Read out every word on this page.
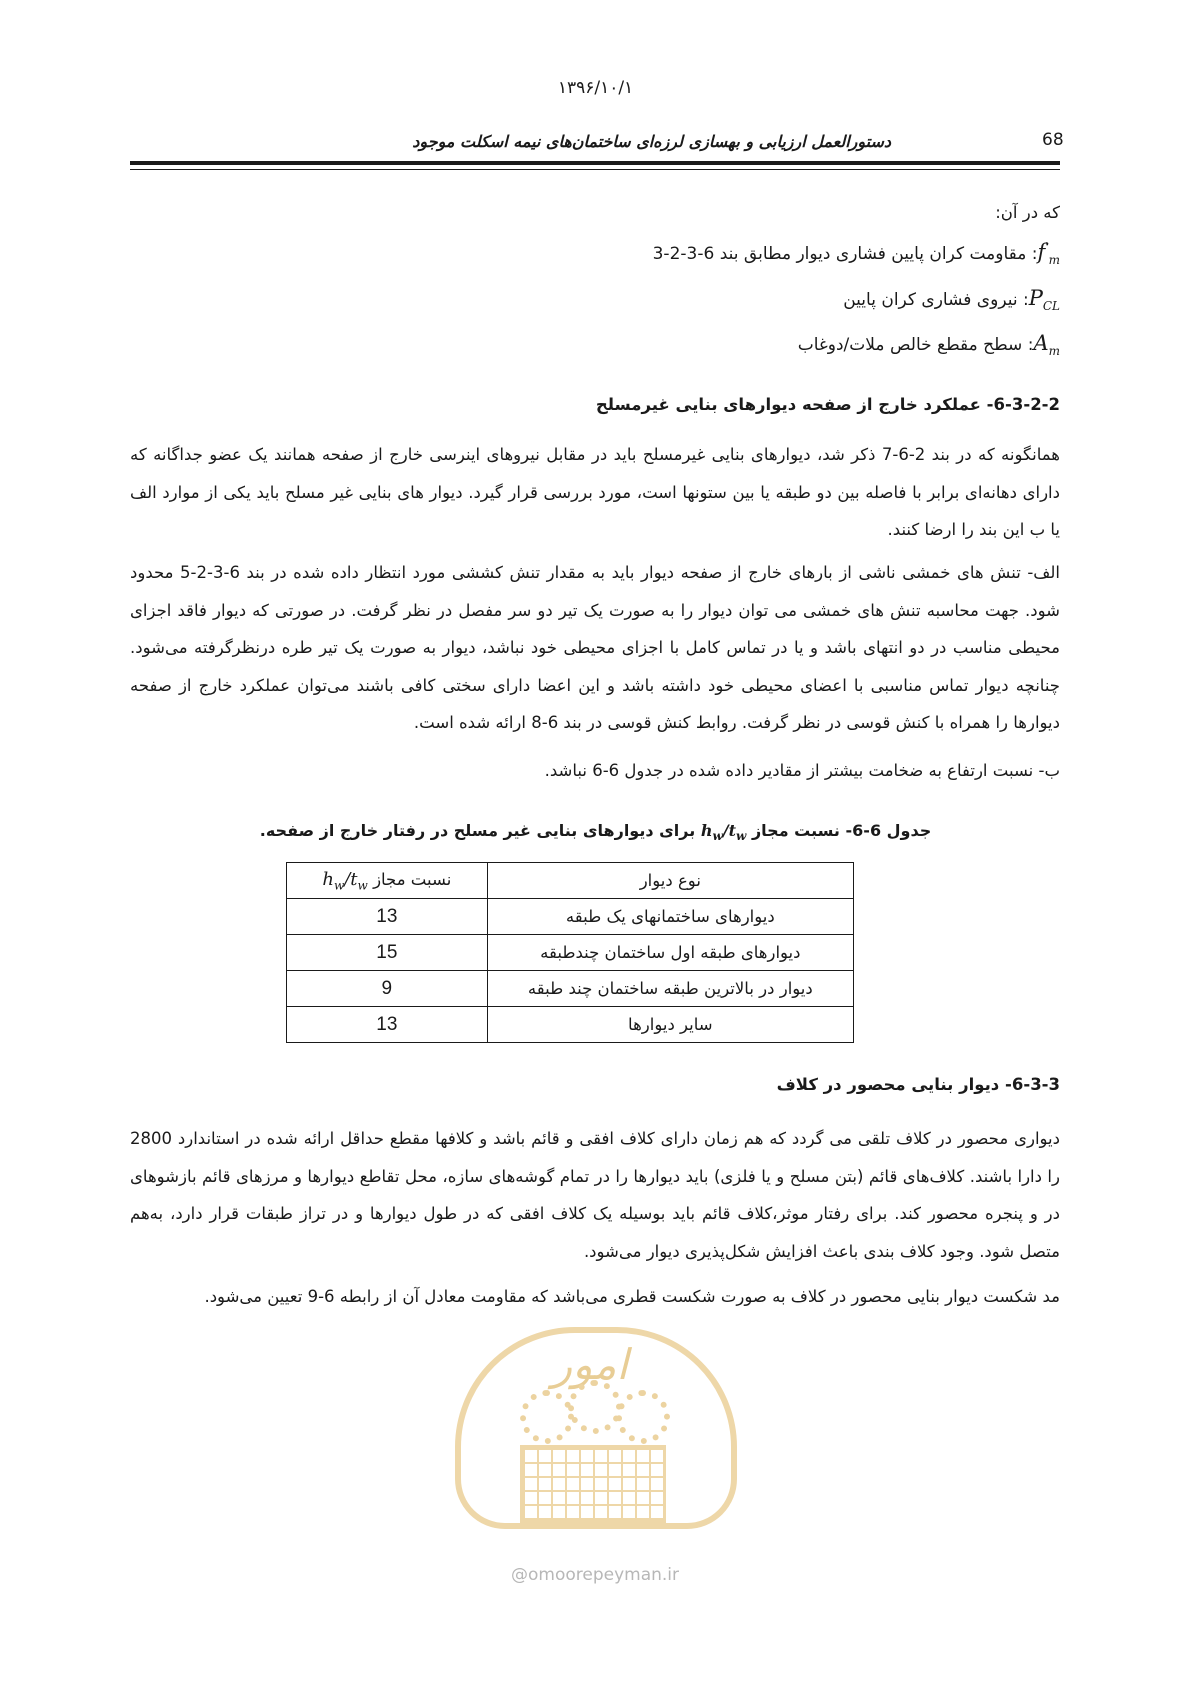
۱۳۹۶/۱۰/۱
دستورالعمل ارزیابی و بهسازی لرزه‌ای ساختمان‌های نیمه اسکلت موجود	68
که در آن:
$f'_m$: مقاومت کران پایین فشاری دیوار مطابق بند 6-3-2-3
$P_{CL}$: نیروی فشاری کران پایین
$A_m$: سطح مقطع خالص ملات/دوغاب
6-3-2-2- عملکرد خارج از صفحه دیوارهای بنایی غیرمسلح
همانگونه که در بند 2-6-7 ذکر شد، دیوارهای بنایی غیرمسلح باید در مقابل نیروهای اینرسی خارج از صفحه همانند یک عضو جداگانه که دارای دهانه‌ای برابر با فاصله بین دو طبقه یا بین ستونها است، مورد بررسی قرار گیرد. دیوار های بنایی غیر مسلح باید یکی از موارد الف یا ب این بند را ارضا کنند.
الف- تنش های خمشی ناشی از بارهای خارج از صفحه دیوار باید به مقدار تنش کششی مورد انتظار داده شده در بند 6-3-2-5 محدود شود. جهت محاسبه تنش های خمشی می توان دیوار را به صورت یک تیر دو سر مفصل در نظر گرفت. در صورتی که دیوار فاقد اجزای محیطی مناسب در دو انتهای باشد و یا در تماس کامل با اجزای محیطی خود نباشد، دیوار به صورت یک تیر طره درنظرگرفته می‌شود. چنانچه دیوار تماس مناسبی با اعضای محیطی خود داشته باشد و این اعضا دارای سختی کافی باشند می‌توان عملکرد خارج از صفحه دیوارها را همراه با کنش قوسی در نظر گرفت. روابط کنش قوسی در بند 6-8 ارائه شده است.
ب- نسبت ارتفاع به ضخامت بیشتر از مقادیر داده شده در جدول 6-6 نباشد.
جدول 6-6- نسبت مجاز $h_w/t_w$ برای دیوارهای بنایی غیر مسلح در رفتار خارج از صفحه.
نوع دیوار	نسبت مجاز $h_w/t_w$
دیوارهای ساختمانهای یک طبقه	13
دیوارهای طبقه اول ساختمان چندطبقه	15
دیوار در بالاترین طبقه ساختمان چند طبقه	9
سایر دیوارها	13
6-3-3- دیوار بنایی محصور در کلاف
دیواری محصور در کلاف تلقی می گردد که هم زمان دارای کلاف افقی و قائم باشد و کلافها مقطع حداقل ارائه شده در استاندارد 2800 را دارا باشند. کلاف‌های قائم (بتن مسلح و یا فلزی) باید دیوارها را در تمام گوشه‌های سازه، محل تقاطع دیوارها و مرزهای قائم بازشوهای در و پنجره محصور کند. برای رفتار موثر،کلاف قائم باید بوسیله یک کلاف افقی که در طول دیوارها و در تراز طبقات قرار دارد، به‌هم متصل شود. وجود کلاف بندی باعث افزایش شکل‌پذیری دیوار می‌شود.
مد شکست دیوار بنایی محصور در کلاف به صورت شکست قطری می‌باشد که مقاومت معادل آن از رابطه 6-9 تعیین می‌شود.
ﺍﻣﻮﺭ
@omoorepeyman.ir
